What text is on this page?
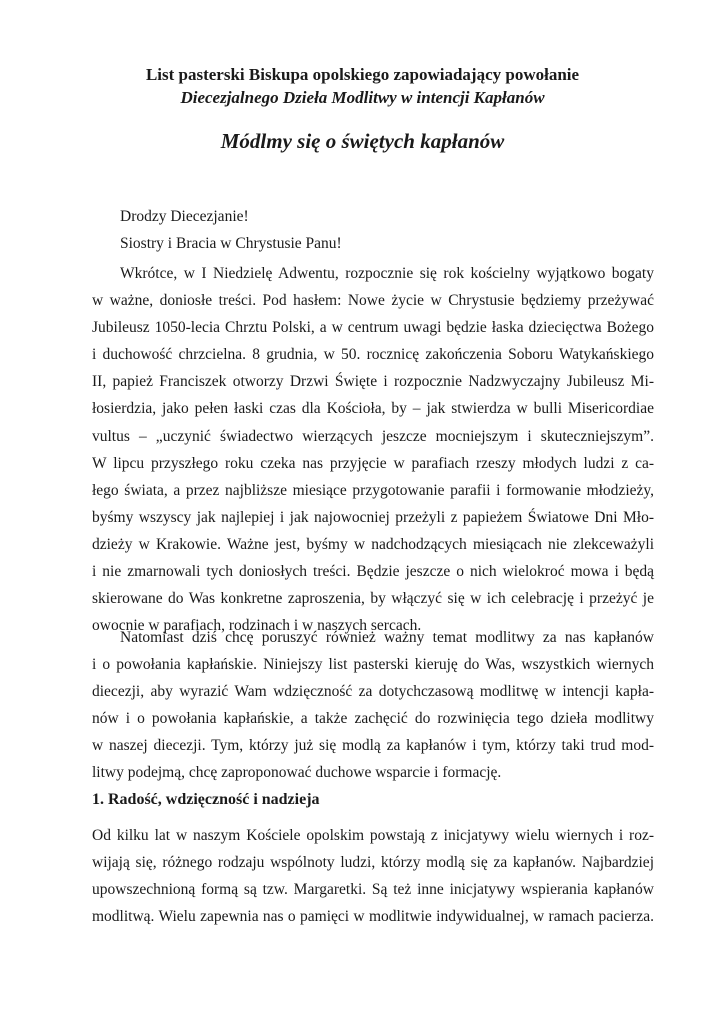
List pasterski Biskupa opolskiego zapowiadający powołanie
Diecezjalnego Dzieła Modlitwy w intencji Kapłanów
Módlmy się o świętych kapłanów
Drodzy Diecezjanie!
Siostry i Bracia w Chrystusie Panu!
Wkrótce, w I Niedzielę Adwentu, rozpocznie się rok kościelny wyjątkowo bogaty
w ważne, doniosłe treści. Pod hasłem: Nowe życie w Chrystusie będziemy przeżywać
Jubileusz 1050-lecia Chrztu Polski, a w centrum uwagi będzie łaska dziecięctwa Bożego
i duchowość chrzcielna. 8 grudnia, w 50. rocznicę zakończenia Soboru Watykańskiego
II, papież Franciszek otworzy Drzwi Święte i rozpocznie Nadzwyczajny Jubileusz Mi-
łosierdzia, jako pełen łaski czas dla Kościoła, by – jak stwierdza w bulli Misericordiae
vultus – „uczynić świadectwo wierzących jeszcze mocniejszym i skuteczniejszym”.
W lipcu przyszłego roku czeka nas przyjęcie w parafiach rzeszy młodych ludzi z ca-
łego świata, a przez najbliższe miesiące przygotowanie parafii i formowanie młodzieży,
byśmy wszyscy jak najlepiej i jak najowocniej przeżyli z papieżem Światowe Dni Mło-
dzieży w Krakowie. Ważne jest, byśmy w nadchodzących miesiącach nie zlekceważyli
i nie zmarnowali tych doniosłych treści. Będzie jeszcze o nich wielokroć mowa i będą
skierowane do Was konkretne zaproszenia, by włączyć się w ich celebrację i przeżyć je
owocnie w parafiach, rodzinach i w naszych sercach.
Natomiast dziś chcę poruszyć również ważny temat modlitwy za nas kapłanów
i o powołania kapłańskie. Niniejszy list pasterski kieruję do Was, wszystkich wiernych
diecezji, aby wyrazić Wam wdzięczność za dotychczasową modlitwę w intencji kapła-
nów i o powołania kapłańskie, a także zachęcić do rozwinięcia tego dzieła modlitwy
w naszej diecezji. Tym, którzy już się modlą za kapłanów i tym, którzy taki trud mod-
litwy podejmą, chcę zaproponować duchowe wsparcie i formację.
1. Radość, wdzięczność i nadzieja
Od kilku lat w naszym Kościele opolskim powstają z inicjatywy wielu wiernych i roz-
wijają się, różnego rodzaju wspólnoty ludzi, którzy modlą się za kapłanów. Najbardziej
upowszechnioną formą są tzw. Margaretki. Są też inne inicjatywy wspierania kapłanów
modlitwą. Wielu zapewnia nas o pamięci w modlitwie indywidualnej, w ramach pacierza.
